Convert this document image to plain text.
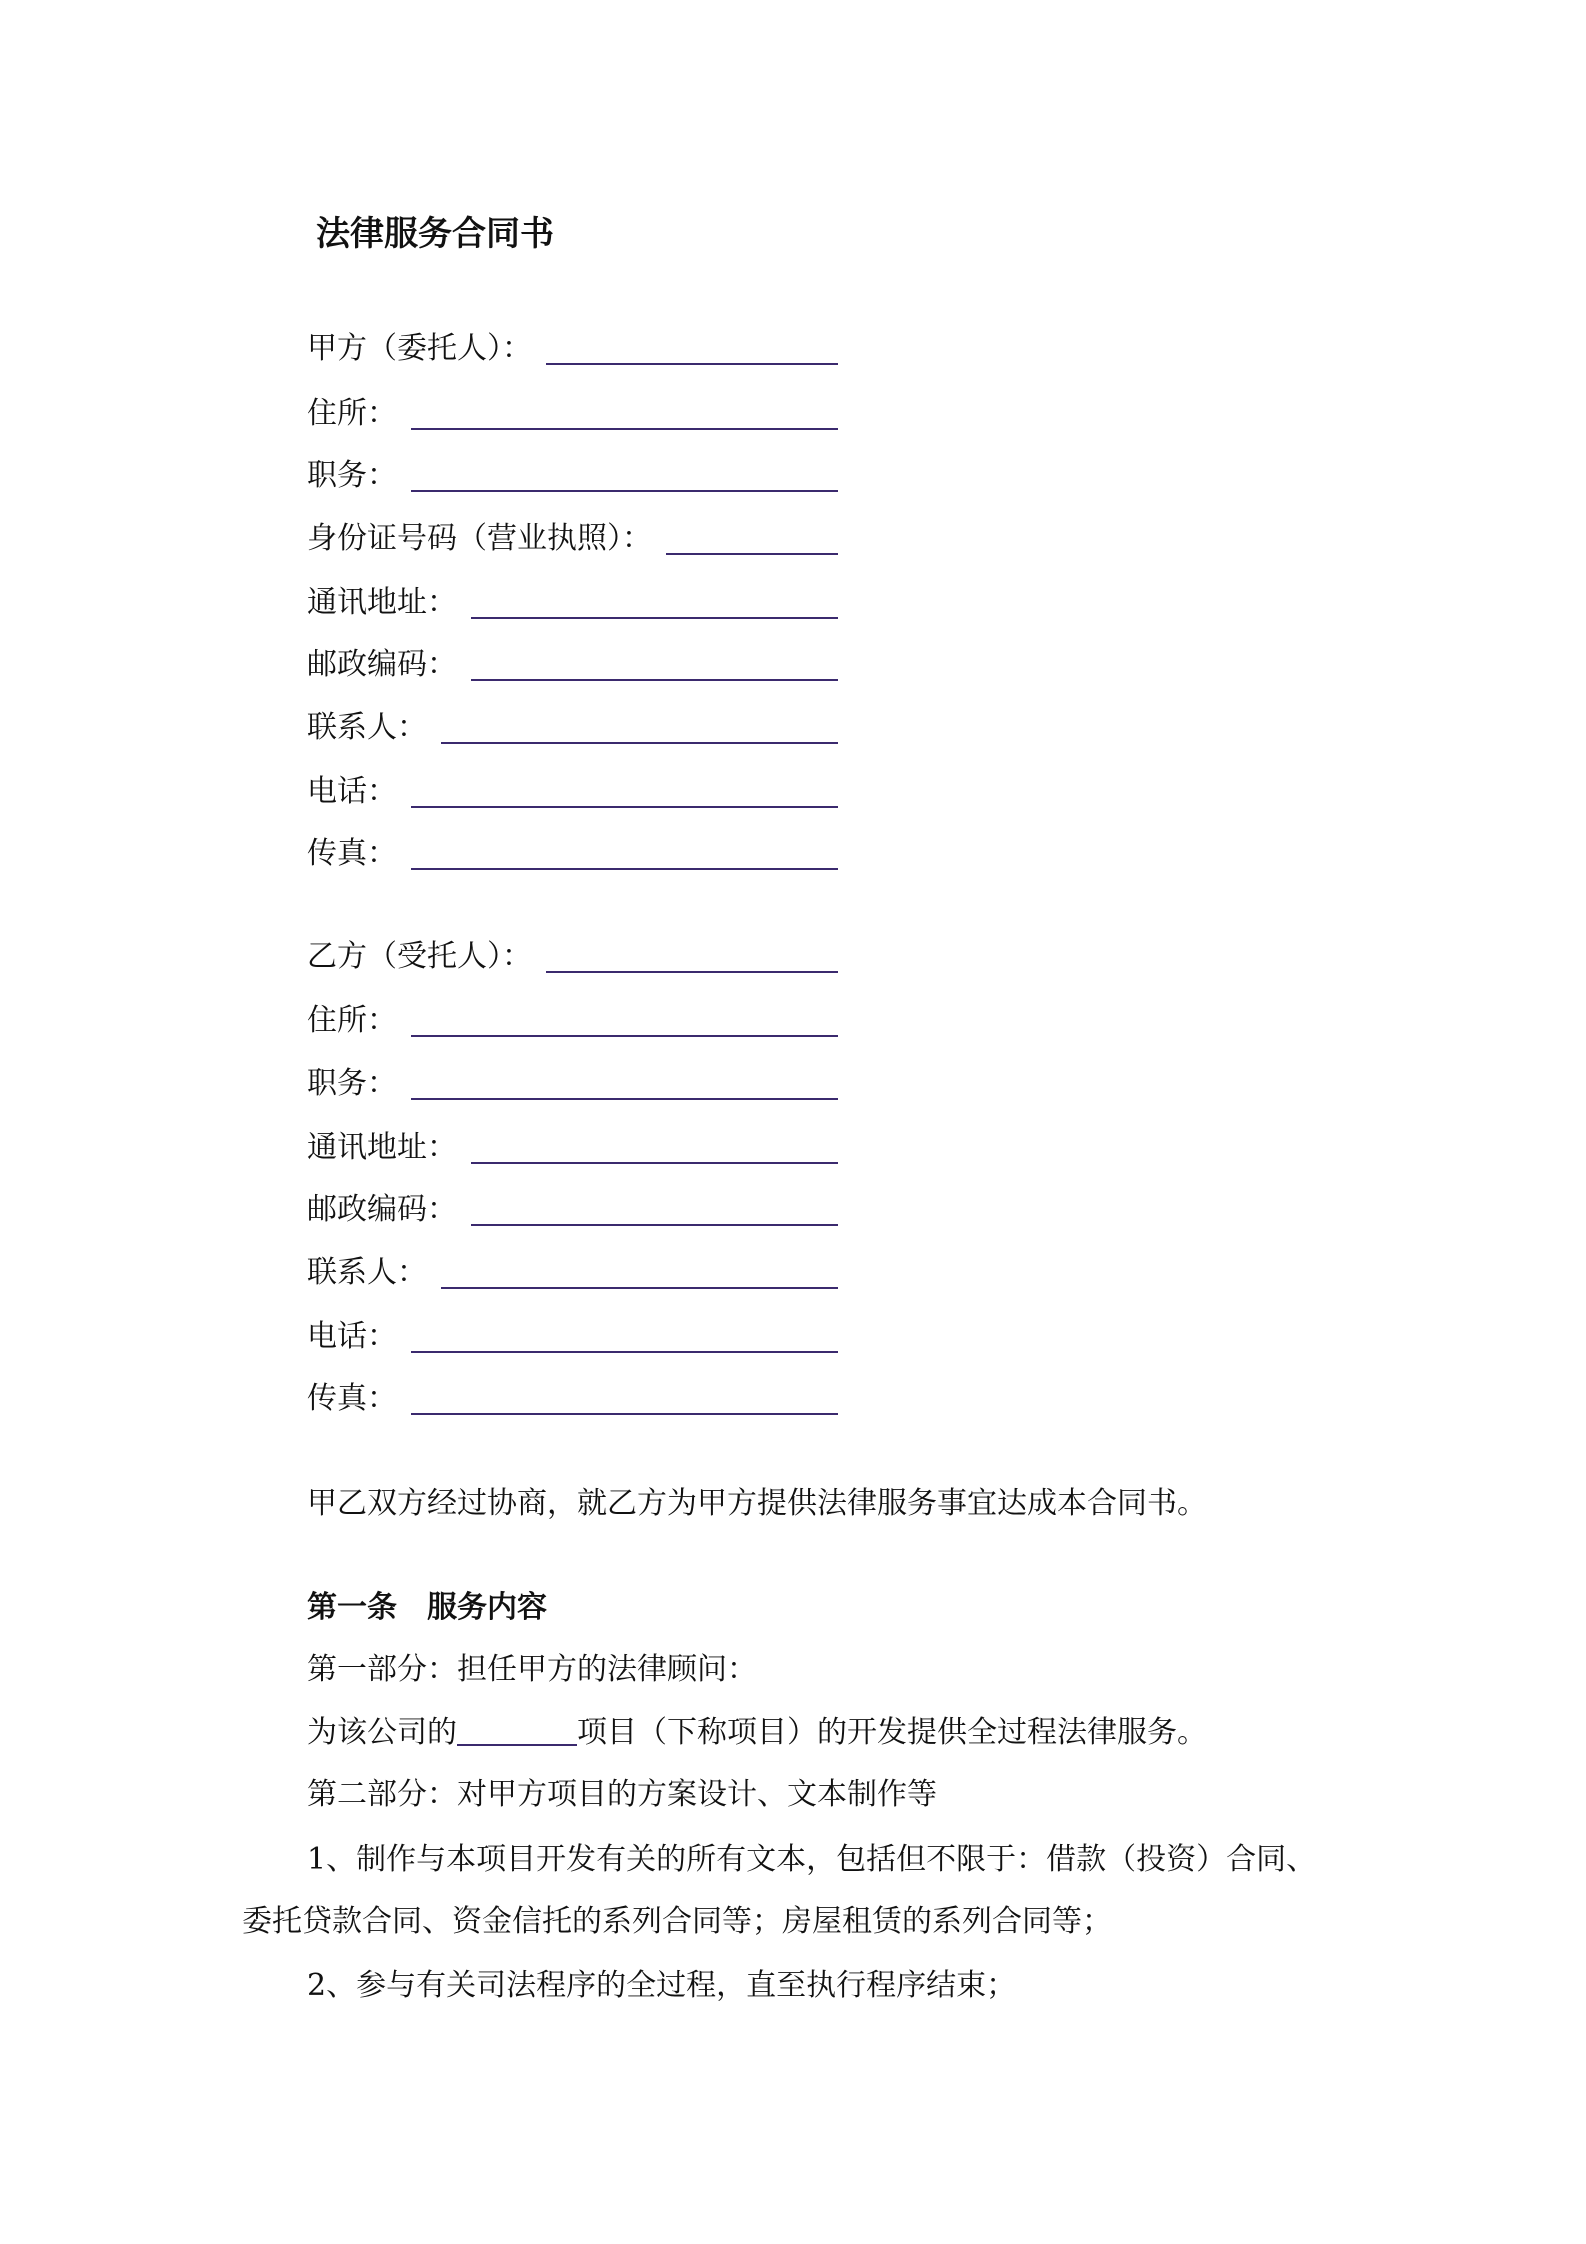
法律服务合同书
甲方（委托人）：
住所：
职务：
身份证号码（营业执照）：
通讯地址：
邮政编码：
联系人：
电话：
传真：
乙方（受托人）：
住所：
职务：
通讯地址：
邮政编码：
联系人：
电话：
传真：
甲乙双方经过协商，就乙方为甲方提供法律服务事宜达成本合同书。
第一条　服务内容
第一部分：担任甲方的法律顾问：
为该公司的	项目（下称项目）的开发提供全过程法律服务。
第二部分：对甲方项目的方案设计、文本制作等
1、制作与本项目开发有关的所有文本，包括但不限于：借款（投资）合同、
委托贷款合同、资金信托的系列合同等；房屋租赁的系列合同等；
2、参与有关司法程序的全过程，直至执行程序结束；
